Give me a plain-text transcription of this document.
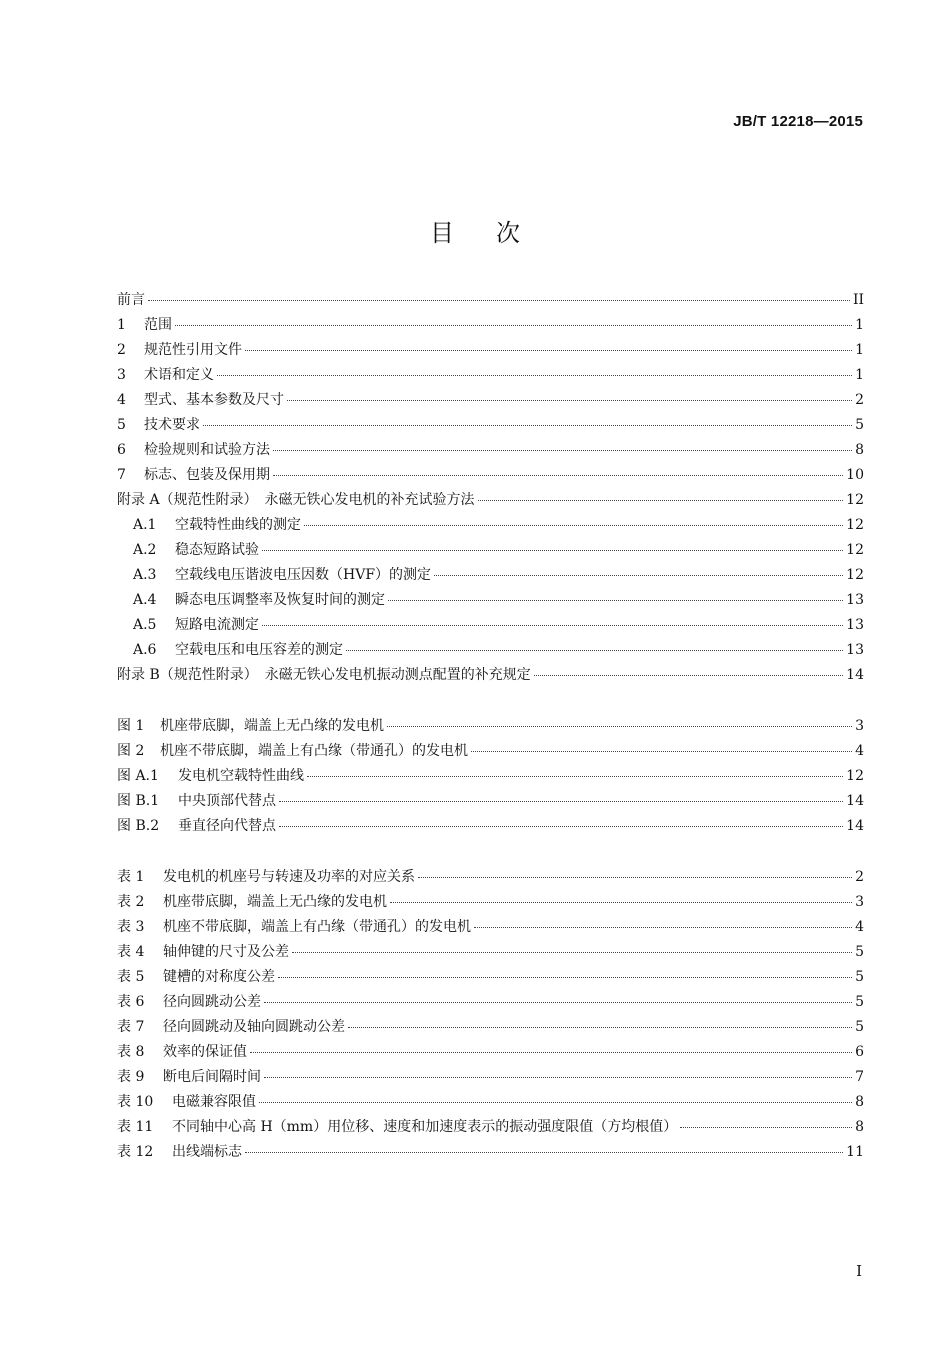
JB/T 12218—2015
目次
前言	II
1 范围	1
2 规范性引用文件	1
3 术语和定义	1
4 型式、基本参数及尺寸	2
5 技术要求	5
6 检验规则和试验方法	8
7 标志、包装及保用期	10
附录 A（规范性附录）　永磁无铁心发电机的补充试验方法	12
A.1 空载特性曲线的测定	12
A.2 稳态短路试验	12
A.3 空载线电压谐波电压因数（HVF）的测定	12
A.4 瞬态电压调整率及恢复时间的测定	13
A.5 短路电流测定	13
A.6 空载电压和电压容差的测定	13
附录 B（规范性附录）　永磁无铁心发电机振动测点配置的补充规定	14
图 1 机座带底脚，端盖上无凸缘的发电机	3
图 2 机座不带底脚，端盖上有凸缘（带通孔）的发电机	4
图 A.1 发电机空载特性曲线	12
图 B.1 中央顶部代替点	14
图 B.2 垂直径向代替点	14
表 1 发电机的机座号与转速及功率的对应关系	2
表 2 机座带底脚，端盖上无凸缘的发电机	3
表 3 机座不带底脚，端盖上有凸缘（带通孔）的发电机	4
表 4 轴伸键的尺寸及公差	5
表 5 键槽的对称度公差	5
表 6 径向圆跳动公差	5
表 7 径向圆跳动及轴向圆跳动公差	5
表 8 效率的保证值	6
表 9 断电后间隔时间	7
表 10 电磁兼容限值	8
表 11 不同轴中心高 H（mm）用位移、速度和加速度表示的振动强度限值（方均根值）	8
表 12 出线端标志	11
I
